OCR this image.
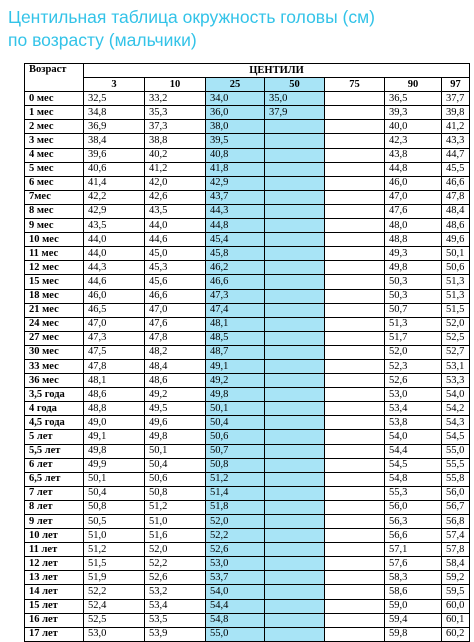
Центильная таблица окружность головы (см)
по возрасту (мальчики)
Возраст	ЦЕНТИЛИ						
	3	10	25	50	75	90	97
0 мес	32,5	33,2	34,0	35,0		36,5	37,7
1 мес	34,8	35,3	36,0	37,9		39,3	39,8
2 мес	36,9	37,3	38,0			40,0	41,2
3 мес	38,4	38,8	39,5			42,3	43,3
4 мес	39,6	40,2	40,8			43,8	44,7
5 мес	40,6	41,2	41,8			44,8	45,5
6 мес	41,4	42,0	42,9			46,0	46,6
7мес	42,2	42,6	43,7			47,0	47,8
8 мес	42,9	43,5	44,3			47,6	48,4
9 мес	43,5	44,0	44,8			48,0	48,6
10 мес	44,0	44,6	45,4			48,8	49,6
11 мес	44,0	45,0	45,8			49,3	50,1
12 мес	44,3	45,3	46,2			49,8	50,6
15 мес	44,6	45,6	46,6			50,3	51,3
18 мес	46,0	46,6	47,3			50,3	51,3
21 мес	46,5	47,0	47,4			50,7	51,5
24 мес	47,0	47,6	48,1			51,3	52,0
27 мес	47,3	47,8	48,5			51,7	52,5
30 мес	47,5	48,2	48,7			52,0	52,7
33 мес	47,8	48,4	49,1			52,3	53,1
36 мес	48,1	48,6	49,2			52,6	53,3
3,5 года	48,6	49,2	49,8			53,0	54,0
4 года	48,8	49,5	50,1			53,4	54,2
4,5 года	49,0	49,6	50,4			53,8	54,3
5 лет	49,1	49,8	50,6			54,0	54,5
5,5 лет	49,8	50,1	50,7			54,4	55,0
6 лет	49,9	50,4	50,8			54,5	55,5
6,5 лет	50,1	50,6	51,2			54,8	55,8
7 лет	50,4	50,8	51,4			55,3	56,0
8 лет	50,8	51,2	51,8			56,0	56,7
9 лет	50,5	51,0	52,0			56,3	56,8
10 лет	51,0	51,6	52,2			56,6	57,4
11 лет	51,2	52,0	52,6			57,1	57,8
12 лет	51,5	52,2	53,0			57,6	58,4
13 лет	51,9	52,6	53,7			58,3	59,2
14 лет	52,2	53,2	54,0			58,6	59,5
15 лет	52,4	53,4	54,4			59,0	60,0
16 лет	52,5	53,5	54,8			59,4	60,1
17 лет	53,0	53,9	55,0			59,8	60,2
